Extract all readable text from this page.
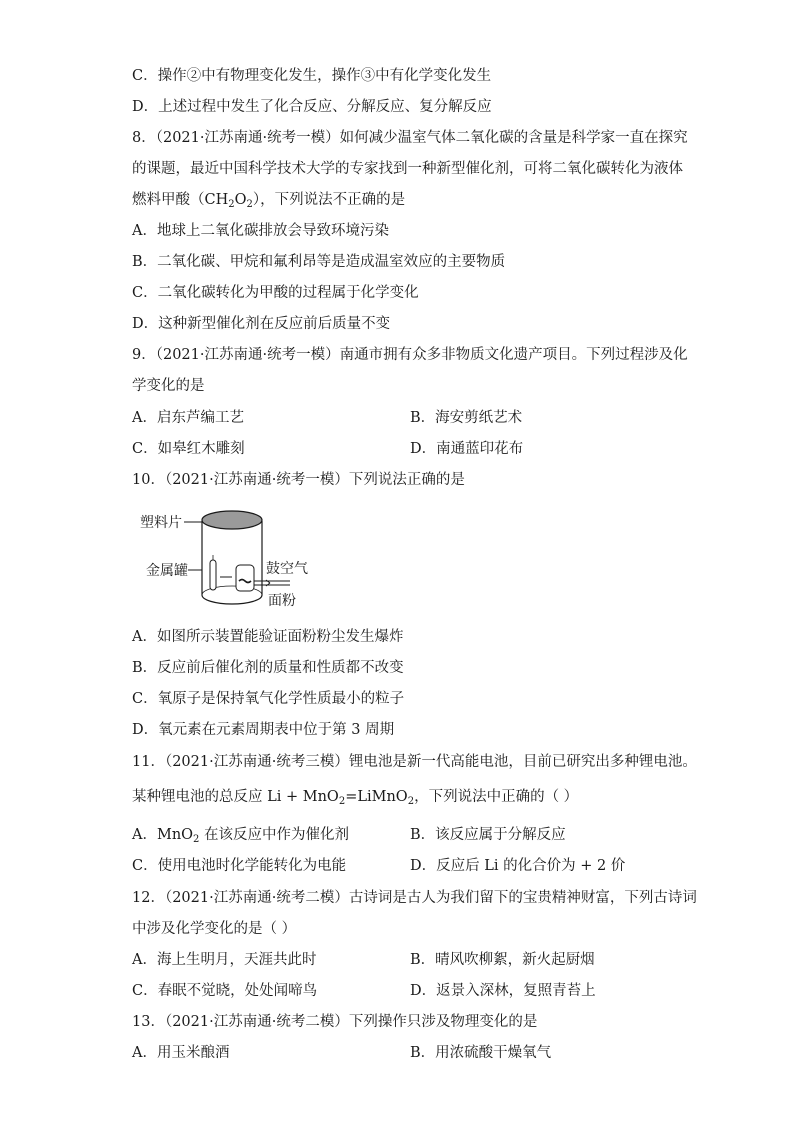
C．操作②中有物理变化发生，操作③中有化学变化发生
D．上述过程中发生了化合反应、分解反应、复分解反应
8．（2021·江苏南通·统考一模）如何减少温室气体二氧化碳的含量是科学家一直在探究
的课题，最近中国科学技术大学的专家找到一种新型催化剂，可将二氧化碳转化为液体
燃料甲酸$(CH_2O_2)$，下列说法不正确的是
A．地球上二氧化碳排放会导致环境污染
B．二氧化碳、甲烷和氟利昂等是造成温室效应的主要物质
C．二氧化碳转化为甲酸的过程属于化学变化
D．这种新型催化剂在反应前后质量不变
9．（2021·江苏南通·统考一模）南通市拥有众多非物质文化遗产项目。下列过程涉及化
学变化的是
A．启东芦编工艺	B．海安剪纸艺术
C．如皋红木雕刻	D．南通蓝印花布
10．（2021·江苏南通·统考一模）下列说法正确的是
塑料片
金属罐	鼓空气
面粉
A．如图所示装置能验证面粉粉尘发生爆炸
B．反应前后催化剂的质量和性质都不改变
C．氧原子是保持氧气化学性质最小的粒子
D．氧元素在元素周期表中位于第 3 周期
11．（2021·江苏南通·统考三模）锂电池是新一代高能电池，目前已研究出多种锂电池。
某种锂电池的总反应 Li + MnO$_2$=LiMnO$_2$，下列说法中正确的（ ）
A．MnO$_2$ 在该反应中作为催化剂	B．该反应属于分解反应
C．使用电池时化学能转化为电能	D．反应后 Li 的化合价为 + 2 价
12．（2021·江苏南通·统考二模）古诗词是古人为我们留下的宝贵精神财富，下列古诗词
中涉及化学变化的是（ ）
A．海上生明月，天涯共此时	B．晴风吹柳絮，新火起厨烟
C．春眠不觉晓，处处闻啼鸟	D．返景入深林，复照青苔上
13．（2021·江苏南通·统考二模）下列操作只涉及物理变化的是
A．用玉米酿酒	B．用浓硫酸干燥氧气
